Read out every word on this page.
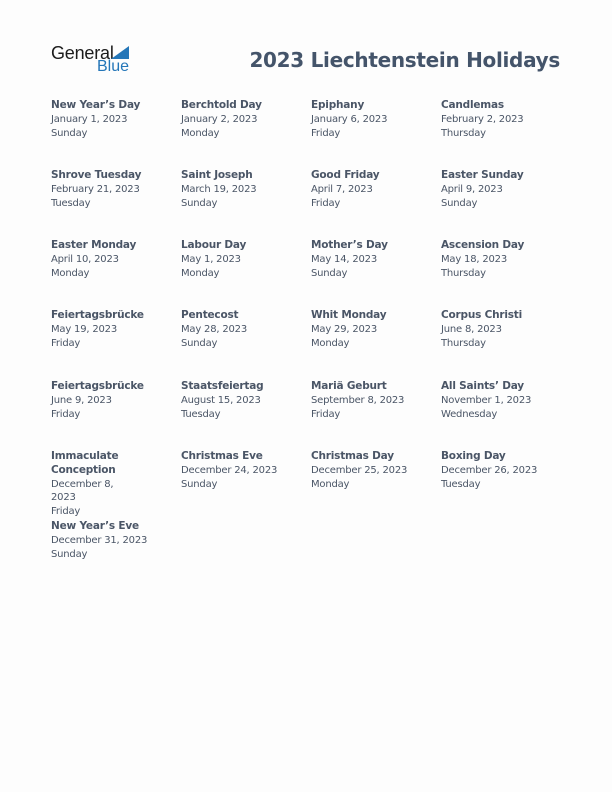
General
Blue	2023 Liechtenstein Holidays
New Year’s Day
January 1, 2023
Sunday
Berchtold Day
January 2, 2023
Monday
Epiphany
January 6, 2023
Friday
Candlemas
February 2, 2023
Thursday
Shrove Tuesday
February 21, 2023
Tuesday
Saint Joseph
March 19, 2023
Sunday
Good Friday
April 7, 2023
Friday
Easter Sunday
April 9, 2023
Sunday
Easter Monday
April 10, 2023
Monday
Labour Day
May 1, 2023
Monday
Mother’s Day
May 14, 2023
Sunday
Ascension Day
May 18, 2023
Thursday
Feiertagsbrücke
May 19, 2023
Friday
Pentecost
May 28, 2023
Sunday
Whit Monday
May 29, 2023
Monday
Corpus Christi
June 8, 2023
Thursday
Feiertagsbrücke
June 9, 2023
Friday
Staatsfeiertag
August 15, 2023
Tuesday
Mariä Geburt
September 8, 2023
Friday
All Saints’ Day
November 1, 2023
Wednesday
Immaculate Conception
December 8, 2023
Friday
Christmas Eve
December 24, 2023
Sunday
Christmas Day
December 25, 2023
Monday
Boxing Day
December 26, 2023
Tuesday
New Year’s Eve
December 31, 2023
Sunday
